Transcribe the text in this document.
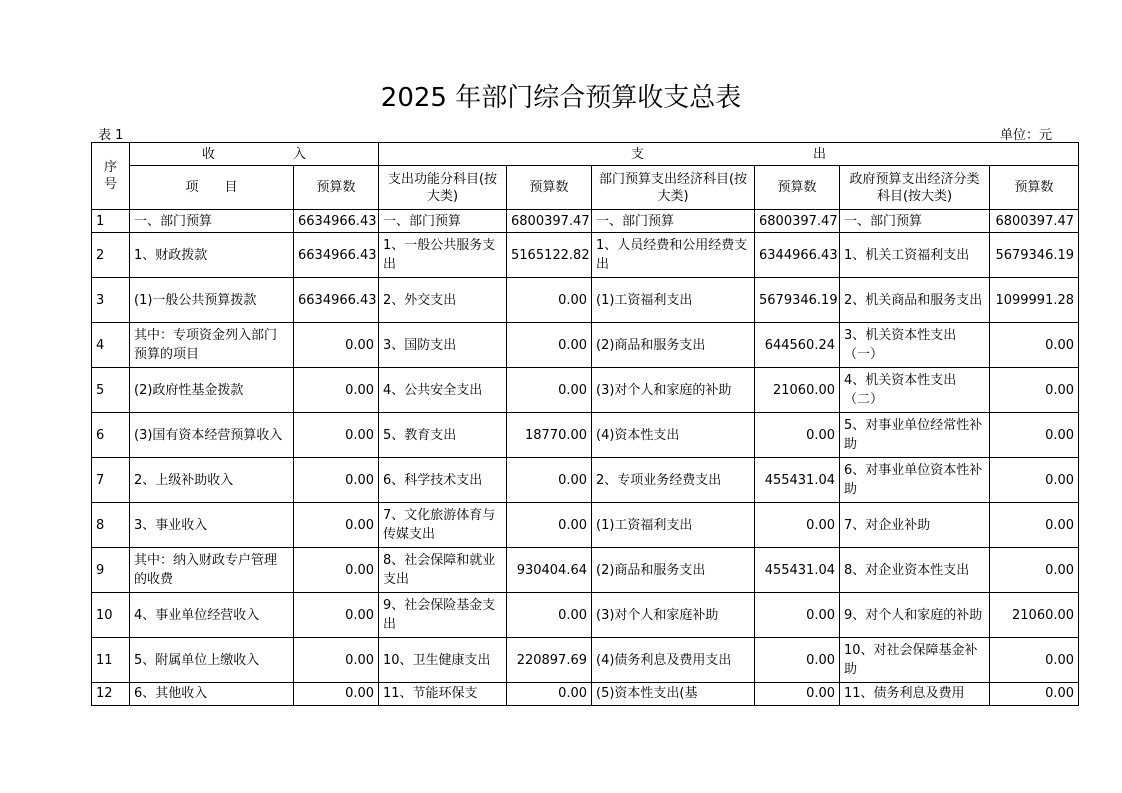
2025 年部门综合预算收支总表
表 1	单位：元
序号	收　　　　　　入		支　　　　　　　　　　　　　出					
	项　　目	预算数	支出功能分科目(按大类)	预算数	部门预算支出经济科目(按大类)	预算数	政府预算支出经济分类科目(按大类)	预算数
1	一、部门预算	6634966.43	一、部门预算	6800397.47	一、部门预算	6800397.47	一、部门预算	6800397.47
2	1、财政拨款	6634966.43	1、一般公共服务支出	5165122.82	1、人员经费和公用经费支出	6344966.43	1、机关工资福利支出	5679346.19
3	(1)一般公共预算拨款	6634966.43	2、外交支出	0.00	(1)工资福利支出	5679346.19	2、机关商品和服务支出	1099991.28
4	其中：专项资金列入部门预算的项目	0.00	3、国防支出	0.00	(2)商品和服务支出	644560.24	3、机关资本性支出（一）	0.00
5	(2)政府性基金拨款	0.00	4、公共安全支出	0.00	(3)对个人和家庭的补助	21060.00	4、机关资本性支出（二）	0.00
6	(3)国有资本经营预算收入	0.00	5、教育支出	18770.00	(4)资本性支出	0.00	5、对事业单位经常性补助	0.00
7	2、上级补助收入	0.00	6、科学技术支出	0.00	2、专项业务经费支出	455431.04	6、对事业单位资本性补助	0.00
8	3、事业收入	0.00	7、文化旅游体育与传媒支出	0.00	(1)工资福利支出	0.00	7、对企业补助	0.00
9	其中：纳入财政专户管理的收费	0.00	8、社会保障和就业支出	930404.64	(2)商品和服务支出	455431.04	8、对企业资本性支出	0.00
10	4、事业单位经营收入	0.00	9、社会保险基金支出	0.00	(3)对个人和家庭补助	0.00	9、对个人和家庭的补助	21060.00
11	5、附属单位上缴收入	0.00	10、卫生健康支出	220897.69	(4)债务利息及费用支出	0.00	10、对社会保障基金补助	0.00
12	6、其他收入	0.00	11、节能环保支	0.00	(5)资本性支出(基	0.00	11、债务利息及费用	0.00
